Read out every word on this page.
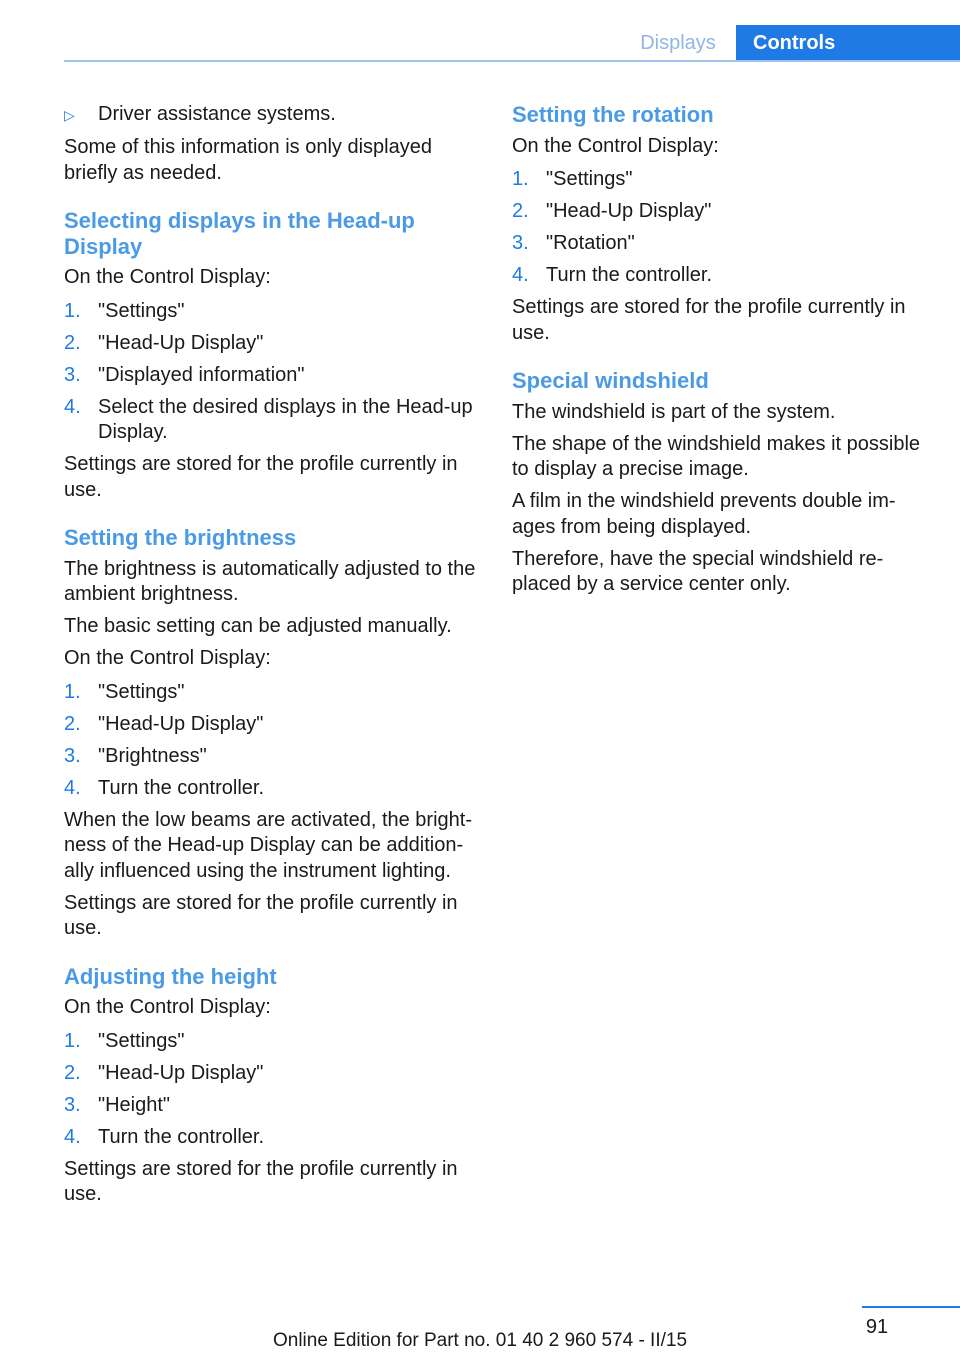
Displays	Controls
▷	Driver assistance systems.

Some of this information is only displayed briefly as needed.

Selecting displays in the Head-up Display

On the Control Display:

1. "Settings"
2. "Head-Up Display"
3. "Displayed information"
4. Select the desired displays in the Head-up Display.

Settings are stored for the profile currently in use.

Setting the brightness

The brightness is automatically adjusted to the ambient brightness.

The basic setting can be adjusted manually.

On the Control Display:

1. "Settings"
2. "Head-Up Display"
3. "Brightness"
4. Turn the controller.

When the low beams are activated, the brightness of the Head-up Display can be additionally influenced using the instrument lighting.

Settings are stored for the profile currently in use.

Adjusting the height

On the Control Display:

1. "Settings"
2. "Head-Up Display"
3. "Height"
4. Turn the controller.

Settings are stored for the profile currently in use.

Setting the rotation

On the Control Display:

1. "Settings"
2. "Head-Up Display"
3. "Rotation"
4. Turn the controller.

Settings are stored for the profile currently in use.

Special windshield

The windshield is part of the system.

The shape of the windshield makes it possible to display a precise image.

A film in the windshield prevents double images from being displayed.

Therefore, have the special windshield replaced by a service center only.

91
Online Edition for Part no. 01 40 2 960 574 - II/15
